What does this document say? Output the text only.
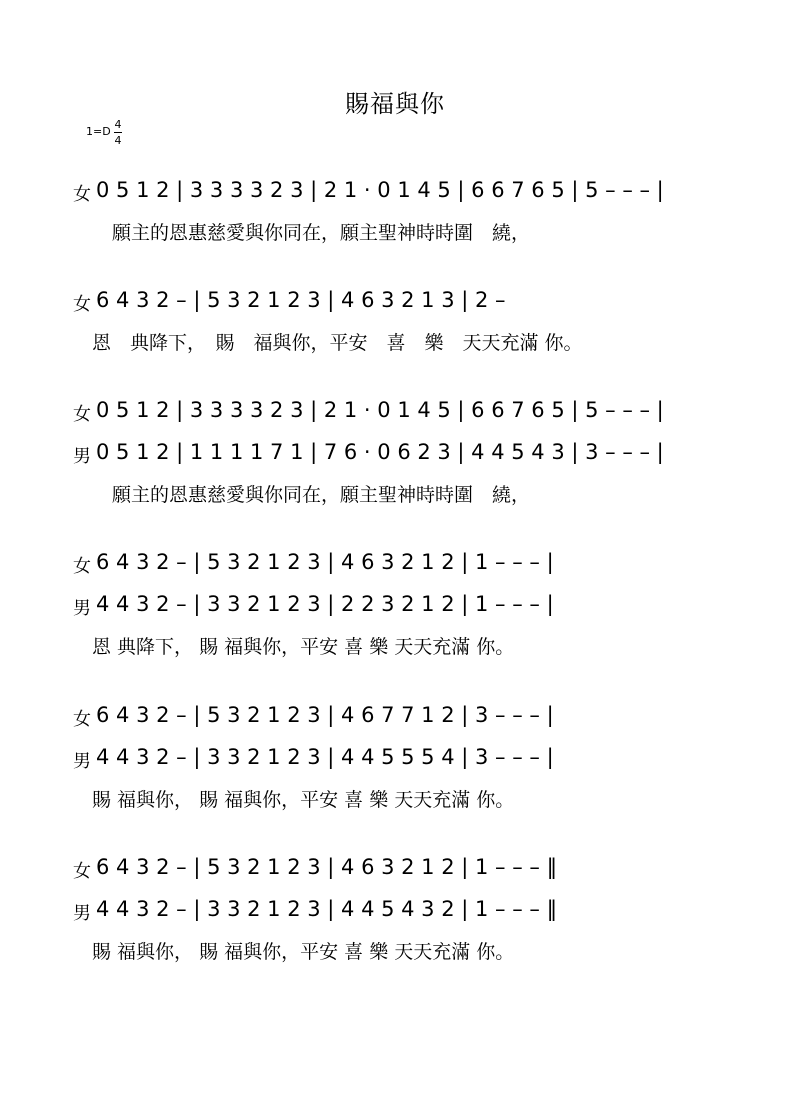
賜福與你
1=D
4
4
女 0 5 1 2 | 3 3 3 3 2 3 | 2 1 · 0 1 4 5 | 6 6 7 6 5 | 5 – – – |
願主的恩惠慈愛與你同在，願主聖神時時圍　繞，
女 6 4 3 2 – | 5 3 2 1 2 3 | 4 6 3 2 1 3 | 2 –
恩　典降下，　賜　福與你，平安　喜　樂　天天充滿 你。
女 0 5 1 2 | 3 3 3 3 2 3 | 2 1 · 0 1 4 5 | 6 6 7 6 5 | 5 – – – |
男 0 5 1 2 | 1 1 1 1 7 1 | 7 6 · 0 6 2 3 | 4 4 5 4 3 | 3 – – – |
願主的恩惠慈愛與你同在，願主聖神時時圍　繞，
女 6 4 3 2 – | 5 3 2 1 2 3 | 4 6 3 2 1 2 | 1 – – – |
男 4 4 3 2 – | 3 3 2 1 2 3 | 2 2 3 2 1 2 | 1 – – – |
恩 典降下， 賜 福與你，平安 喜 樂 天天充滿 你。
女 6 4 3 2 – | 5 3 2 1 2 3 | 4 6 7 7 1 2 | 3 – – – |
男 4 4 3 2 – | 3 3 2 1 2 3 | 4 4 5 5 5 4 | 3 – – – |
賜 福與你， 賜 福與你，平安 喜 樂 天天充滿 你。
女 6 4 3 2 – | 5 3 2 1 2 3 | 4 6 3 2 1 2 | 1 – – – ‖
男 4 4 3 2 – | 3 3 2 1 2 3 | 4 4 5 4 3 2 | 1 – – – ‖
賜 福與你， 賜 福與你，平安 喜 樂 天天充滿 你。
